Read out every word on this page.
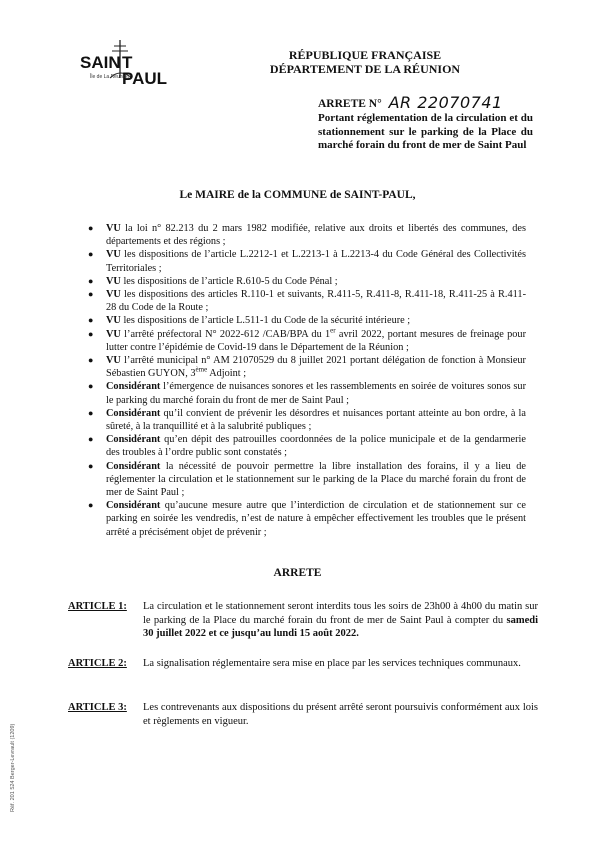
SAIN T
PAUL
Île de La Réunion
RÉPUBLIQUE FRANÇAISE
DÉPARTEMENT DE LA RÉUNION
ARRETE N° AR 22070741
Portant réglementation de la circulation et du stationnement sur le parking de la Place du marché forain du front de mer de Saint Paul
Le MAIRE de la COMMUNE de SAINT-PAUL,
● VU la loi n° 82.213 du 2 mars 1982 modifiée, relative aux droits et libertés des communes, des départements et des régions ;
● VU les dispositions de l’article L.2212-1 et L.2213-1 à L.2213-4 du Code Général des Collectivités Territoriales ;
● VU les dispositions de l’article R.610-5 du Code Pénal ;
● VU les dispositions des articles R.110-1 et suivants, R.411-5, R.411-8, R.411-18, R.411-25 à R.411-28 du Code de la Route ;
● VU les dispositions de l’article L.511-1 du Code de la sécurité intérieure ;
● VU l’arrêté préfectoral N° 2022-612 /CAB/BPA du 1er avril 2022, portant mesures de freinage pour lutter contre l’épidémie de Covid-19 dans le Département de la Réunion ;
● VU l’arrêté municipal n° AM 21070529 du 8 juillet 2021 portant délégation de fonction à Monsieur Sébastien GUYON, 3ème Adjoint ;
● Considérant l’émergence de nuisances sonores et les rassemblements en soirée de voitures sonos sur le parking du marché forain du front de mer de Saint Paul ;
● Considérant qu’il convient de prévenir les désordres et nuisances portant atteinte au bon ordre, à la sûreté, à la tranquillité et à la salubrité publiques ;
● Considérant qu’en dépit des patrouilles coordonnées de la police municipale et de la gendarmerie des troubles à l’ordre public sont constatés ;
● Considérant la nécessité de pouvoir permettre la libre installation des forains, il y a lieu de réglementer la circulation et le stationnement sur le parking de la Place du marché forain du front de mer de Saint Paul ;
● Considérant qu’aucune mesure autre que l’interdiction de circulation et de stationnement sur ce parking en soirée les vendredis, n’est de nature à empêcher effectivement les troubles que le présent arrêté a précisément objet de prévenir ;
ARRETE
ARTICLE 1: La circulation et le stationnement seront interdits tous les soirs de 23h00 à 4h00 du matin sur le parking de la Place du marché forain du front de mer de Saint Paul à compter du samedi 30 juillet 2022 et ce jusqu’au lundi 15 août 2022.
ARTICLE 2: La signalisation réglementaire sera mise en place par les services techniques communaux.
ARTICLE 3: Les contrevenants aux dispositions du présent arrêté seront poursuivis conformément aux lois et règlements en vigueur.
Réf. 201 524 Berger-Levrault (1209)
